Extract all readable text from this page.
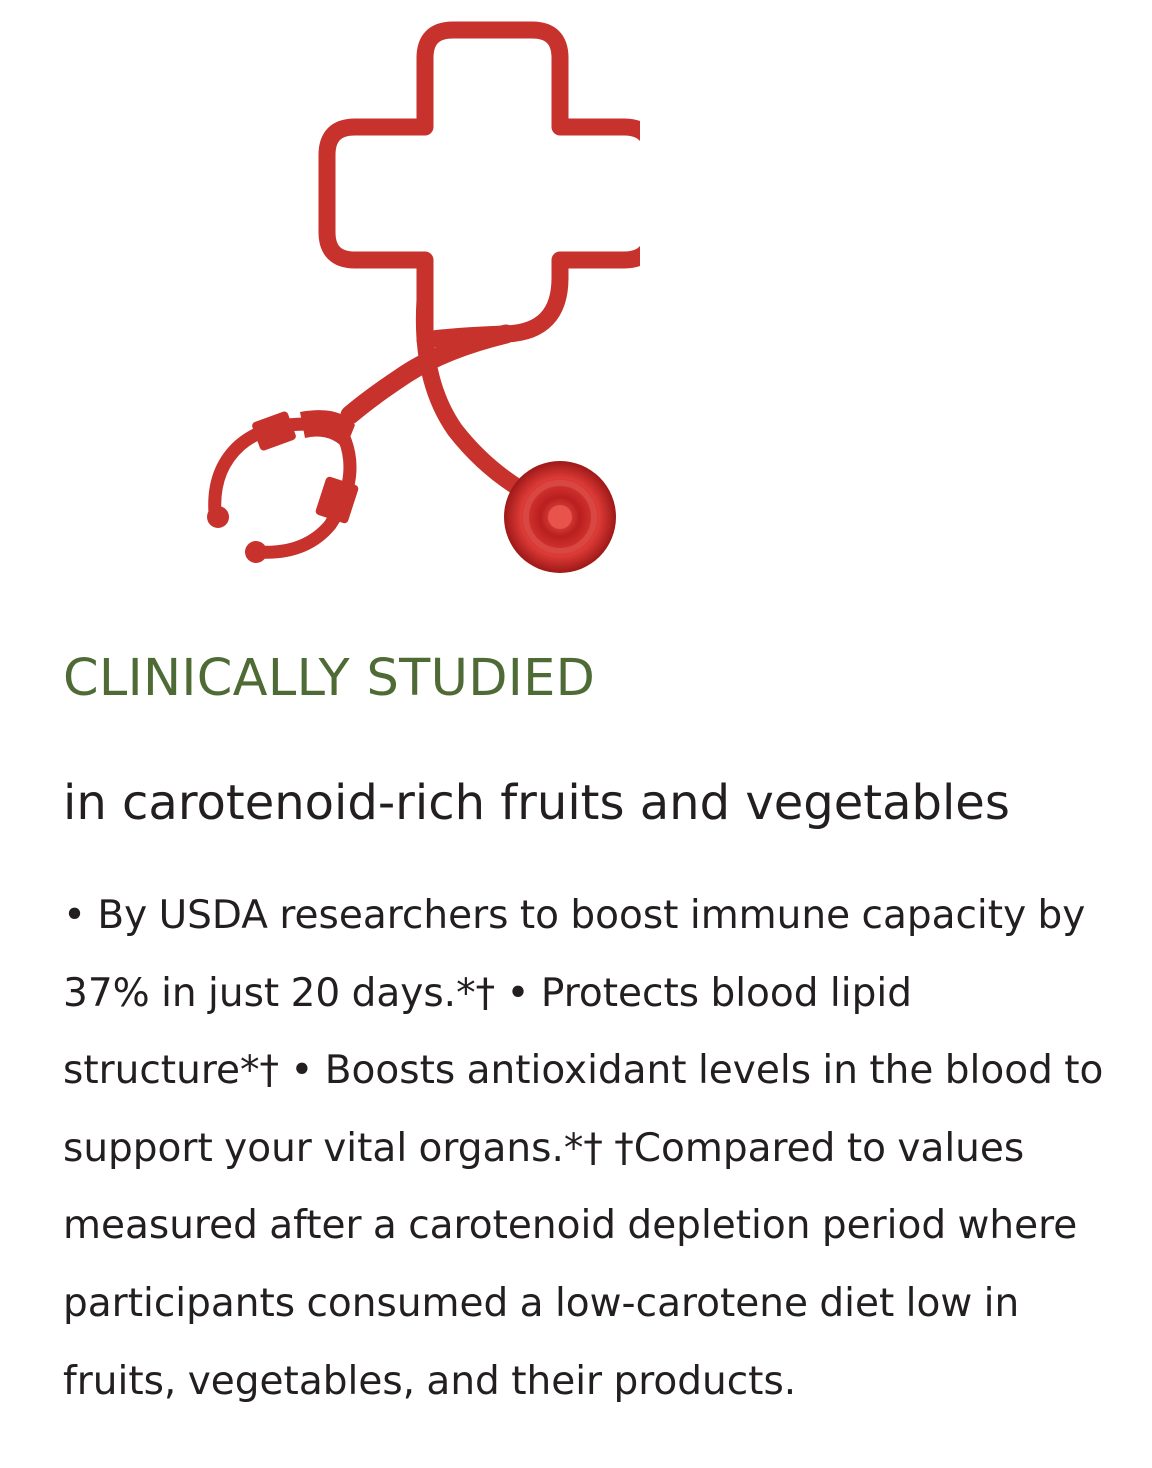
CLINICALLY STUDIED
in carotenoid-rich fruits and vegetables

• By USDA researchers to boost immune capacity by 37% in just 20 days.*† • Protects blood lipid structure*† • Boosts antioxidant levels in the blood to support your vital organs.*† †Compared to values measured after a carotenoid depletion period where participants consumed a low-carotene diet low in fruits, vegetables, and their products.
